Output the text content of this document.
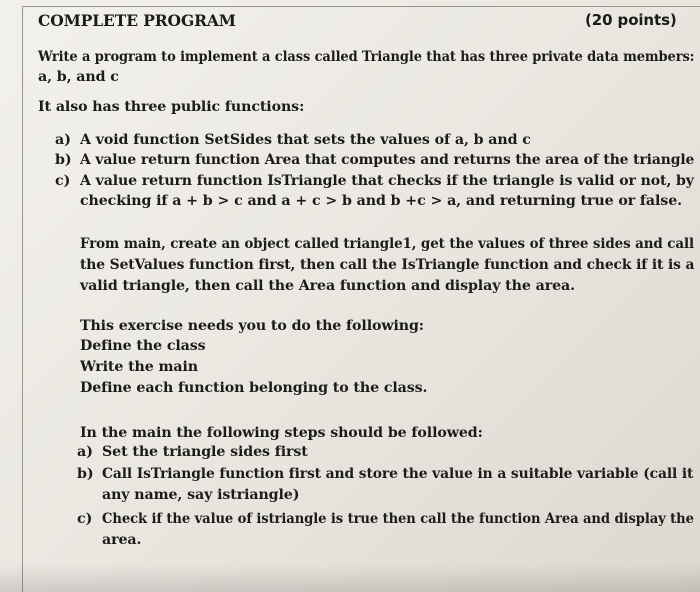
COMPLETE PROGRAM	(20 points)
Write a program to implement a class called Triangle that has three private data members:
a, b, and c
It also has three public functions:
a) A void function SetSides that sets the values of a, b and c
b) A value return function Area that computes and returns the area of the triangle
c) A value return function IsTriangle that checks if the triangle is valid or not, by
checking if a + b > c and a + c > b and b +c > a, and returning true or false.
From main, create an object called triangle1, get the values of three sides and call
the SetValues function first, then call the IsTriangle function and check if it is a
valid triangle, then call the Area function and display the area.
This exercise needs you to do the following:
Define the class
Write the main
Define each function belonging to the class.
In the main the following steps should be followed:
a) Set the triangle sides first
b) Call IsTriangle function first and store the value in a suitable variable (call it
any name, say istriangle)
c) Check if the value of istriangle is true then call the function Area and display the
area.
